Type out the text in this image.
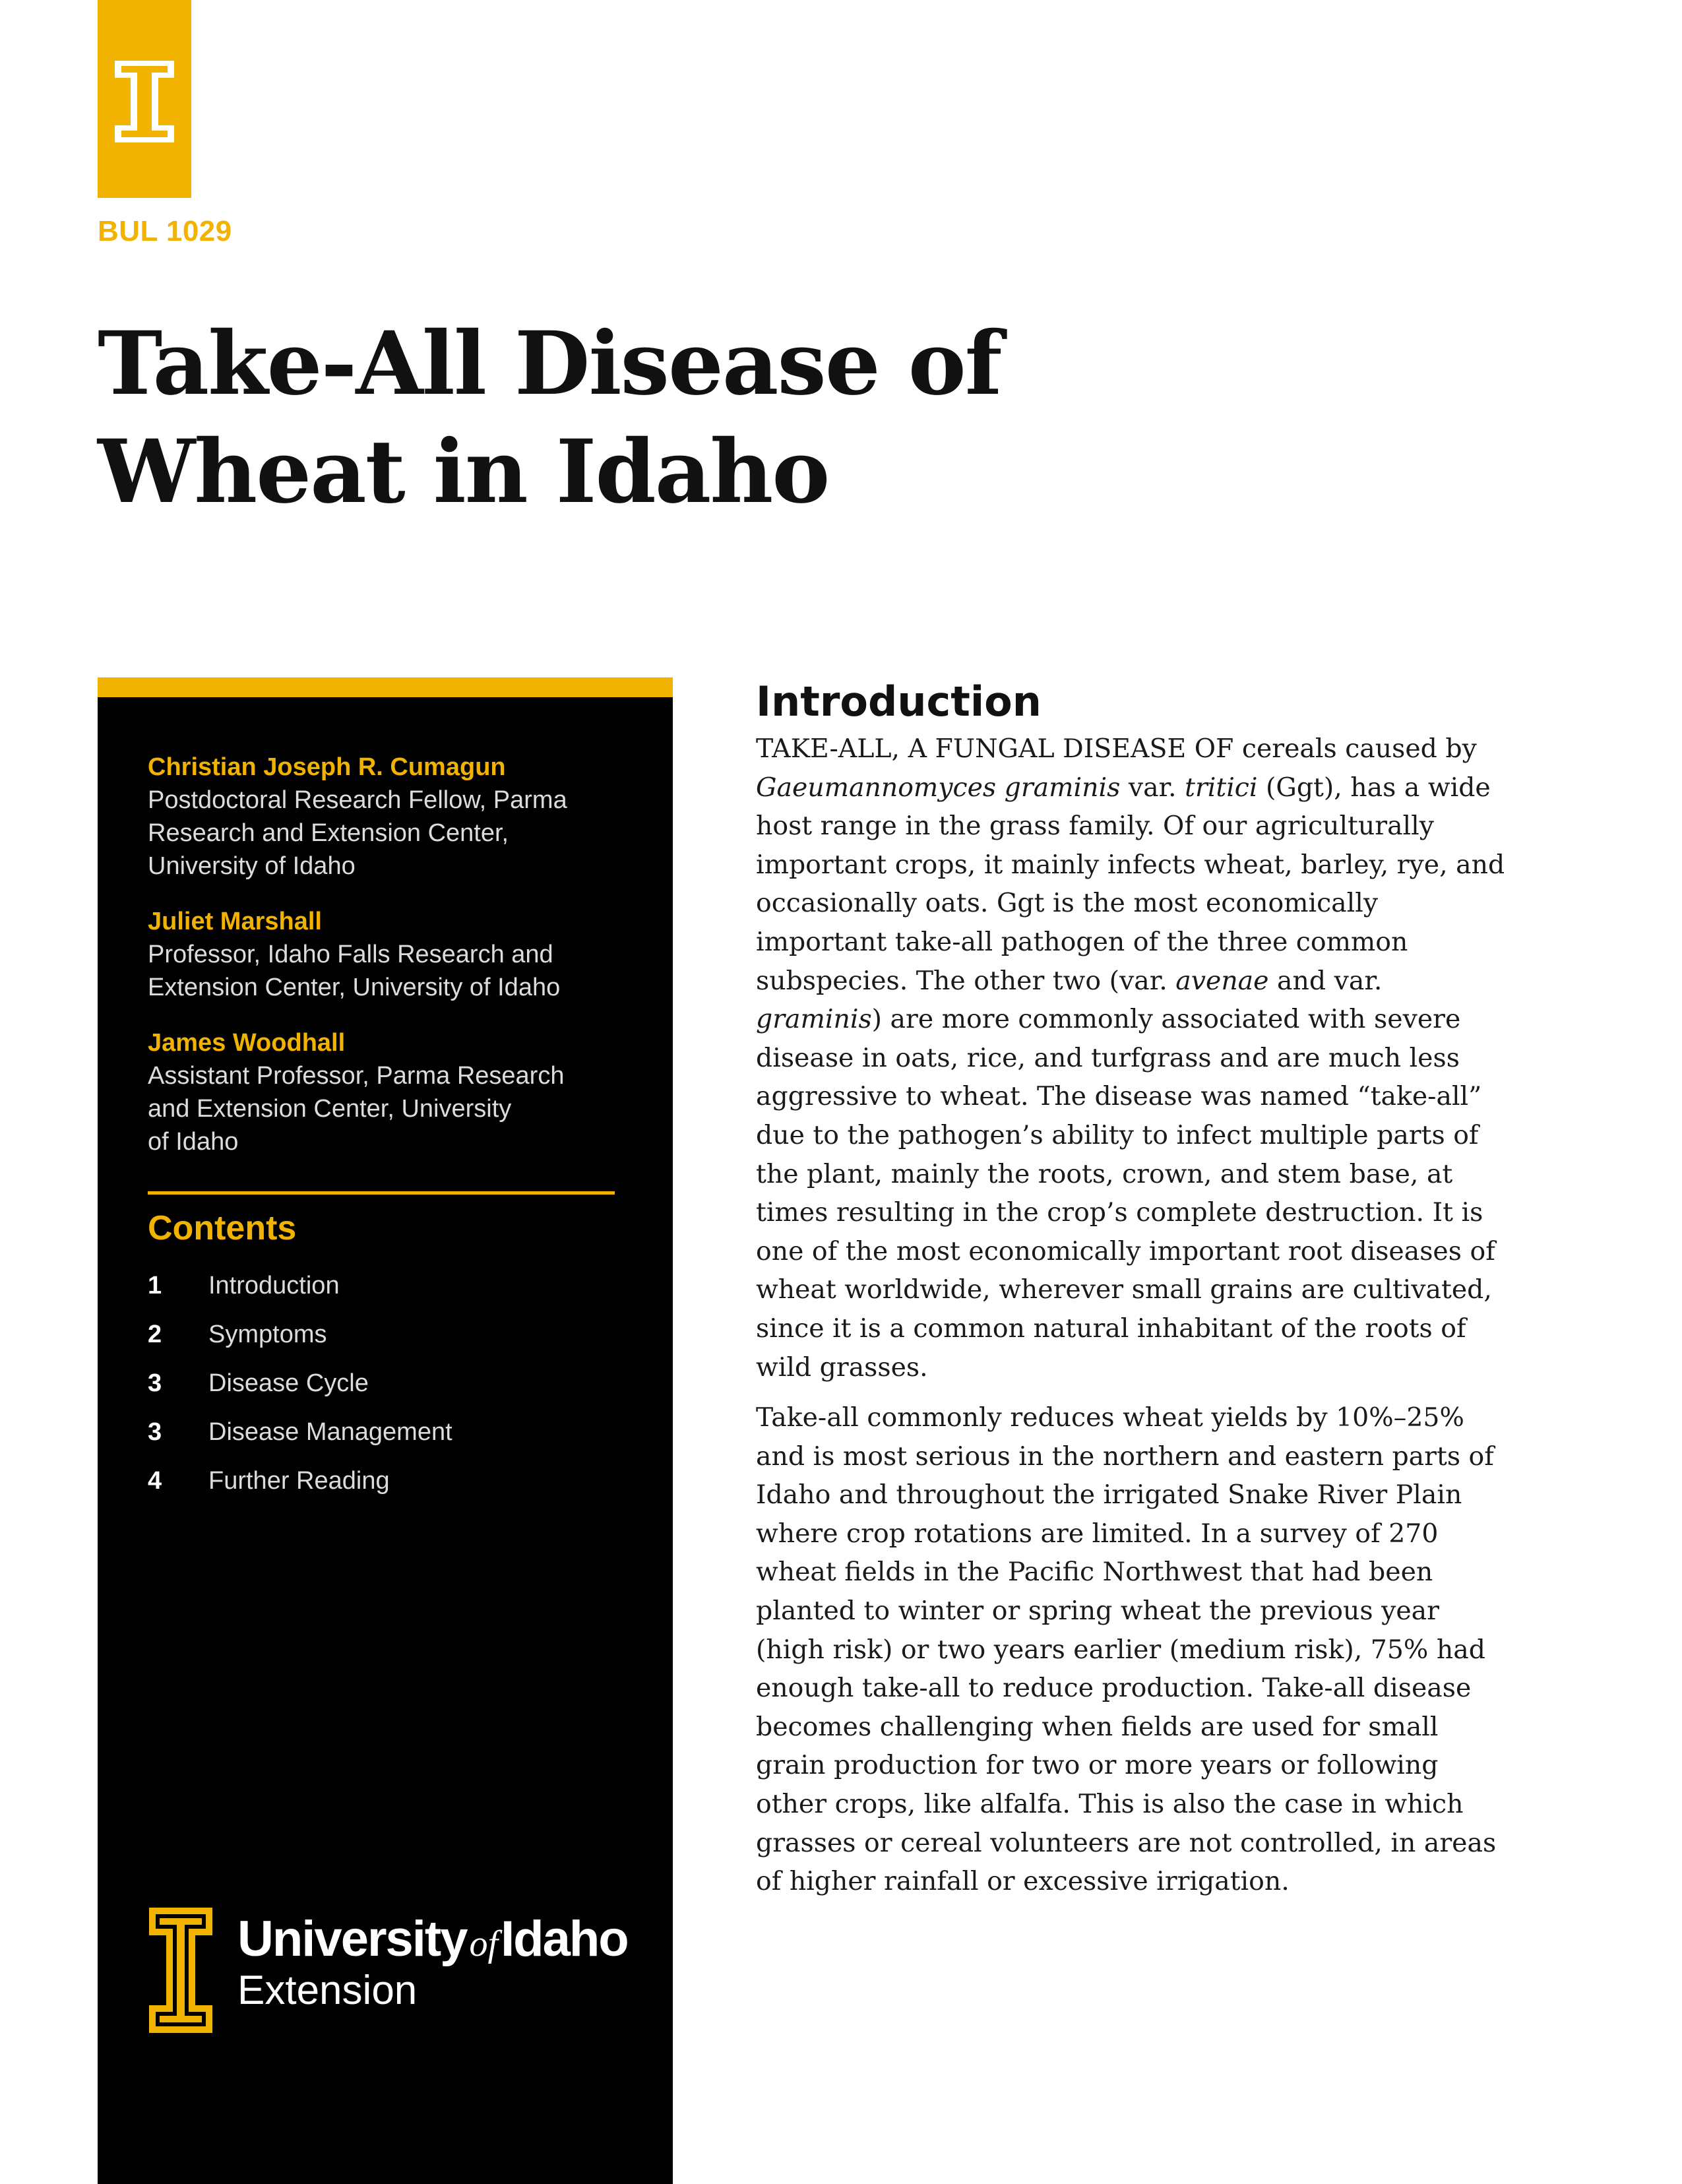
BUL 1029
Take-All Disease of
Wheat in Idaho
Christian Joseph R. Cumagun
Postdoctoral Research Fellow, Parma
Research and Extension Center,
University of Idaho
Juliet Marshall
Professor, Idaho Falls Research and
Extension Center, University of Idaho
James Woodhall
Assistant Professor, Parma Research
and Extension Center, University
of Idaho
Contents
1	Introduction
2	Symptoms
3	Disease Cycle
3	Disease Management
4	Further Reading
UniversityofIdaho
Extension
Introduction

TAKE-ALL, A FUNGAL DISEASE OF cereals caused by Gaeumannomyces graminis var. tritici (Ggt), has a wide host range in the grass family. Of our agriculturally important crops, it mainly infects wheat, barley, rye, and occasionally oats. Ggt is the most economically important take-all pathogen of the three common subspecies. The other two (var. avenae and var. graminis) are more commonly associated with severe disease in oats, rice, and turfgrass and are much less aggressive to wheat. The disease was named “take-all” due to the pathogen’s ability to infect multiple parts of the plant, mainly the roots, crown, and stem base, at times resulting in the crop’s complete destruction. It is one of the most economically important root diseases of wheat worldwide, wherever small grains are cultivated, since it is a common natural inhabitant of the roots of wild grasses.

Take-all commonly reduces wheat yields by 10%–25% and is most serious in the northern and eastern parts of Idaho and throughout the irrigated Snake River Plain where crop rotations are limited. In a survey of 270 wheat fields in the Pacific Northwest that had been planted to winter or spring wheat the previous year (high risk) or two years earlier (medium risk), 75% had enough take-all to reduce production. Take-all disease becomes challenging when fields are used for small grain production for two or more years or following other crops, like alfalfa. This is also the case in which grasses or cereal volunteers are not controlled, in areas of higher rainfall or excessive irrigation.
